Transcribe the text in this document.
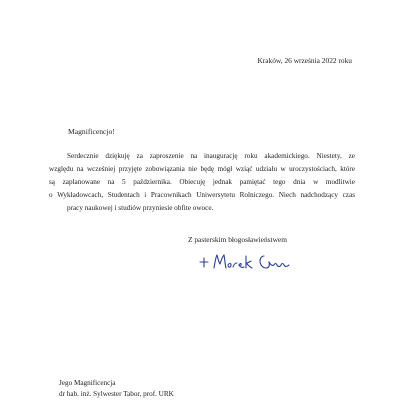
Kraków, 26 września 2022 roku
Magnificencjo!
Serdecznie dziękuję za zaproszenie na inaugurację roku akademickiego. Niestety, ze
względu na wcześniej przyjęte zobowiązania nie będę mógł wziąć udziału w uroczystościach, które
są zaplanowane na 5 października. Obiecuję jednak pamiętać tego dnia w modlitwie
o Wykładowcach, Studentach i Pracownikach Uniwersytetu Rolniczego. Niech nadchodzący czas
pracy naukowej i studiów przyniesie obfite owoce.
Z pasterskim błogosławieństwem
Jego Magnificencja
dr hab. inż. Sylwester Tabor, prof. URK
